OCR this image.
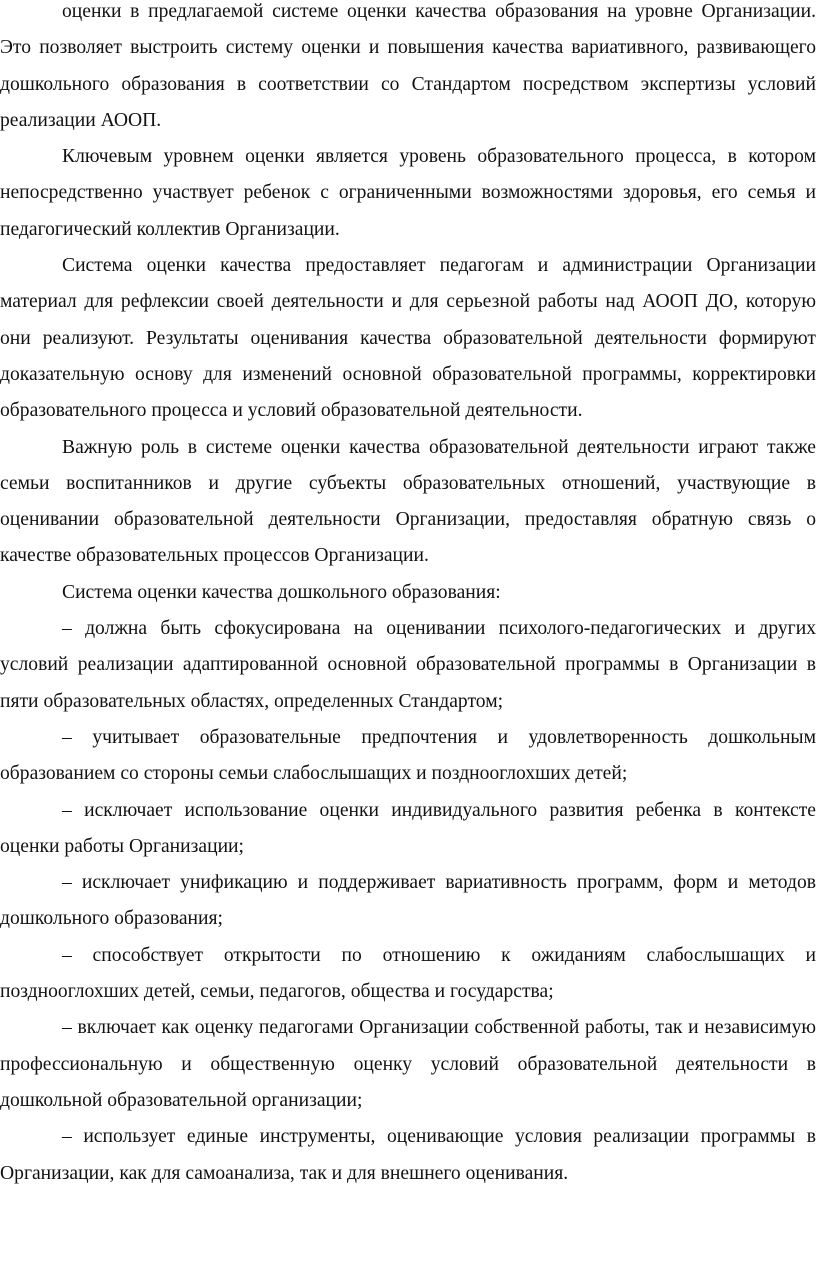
оценки в предлагаемой системе оценки качества образования на уровне Организации. Это позволяет выстроить систему оценки и повышения качества вариативного, развивающего дошкольного образования в соответствии со Стандартом посредством экспертизы условий реализации АООП.

Ключевым уровнем оценки является уровень образовательного процесса, в котором непосредственно участвует ребенок с ограниченными возможностями здоровья, его семья и педагогический коллектив Организации.

Система оценки качества предоставляет педагогам и администрации Организации материал для рефлексии своей деятельности и для серьезной работы над АООП ДО, которую они реализуют. Результаты оценивания качества образовательной деятельности формируют доказательную основу для изменений основной образовательной программы, корректировки образовательного процесса и условий образовательной деятельности.

Важную роль в системе оценки качества образовательной деятельности играют также семьи воспитанников и другие субъекты образовательных отношений, участвующие в оценивании образовательной деятельности Организации, предоставляя обратную связь о качестве образовательных процессов Организации.

Система оценки качества дошкольного образования:

– должна быть сфокусирована на оценивании психолого-педагогических и других условий реализации адаптированной основной образовательной программы в Организации в пяти образовательных областях, определенных Стандартом;

– учитывает образовательные предпочтения и удовлетворенность дошкольным образованием со стороны семьи слабослышащих и позднооглохших детей;

– исключает использование оценки индивидуального развития ребенка в контексте оценки работы Организации;

– исключает унификацию и поддерживает вариативность программ, форм и методов дошкольного образования;

– способствует открытости по отношению к ожиданиям слабослышащих и позднооглохших детей, семьи, педагогов, общества и государства;

– включает как оценку педагогами Организации собственной работы, так и независимую профессиональную и общественную оценку условий образовательной деятельности в дошкольной образовательной организации;

– использует единые инструменты, оценивающие условия реализации программы в Организации, как для самоанализа, так и для внешнего оценивания.
